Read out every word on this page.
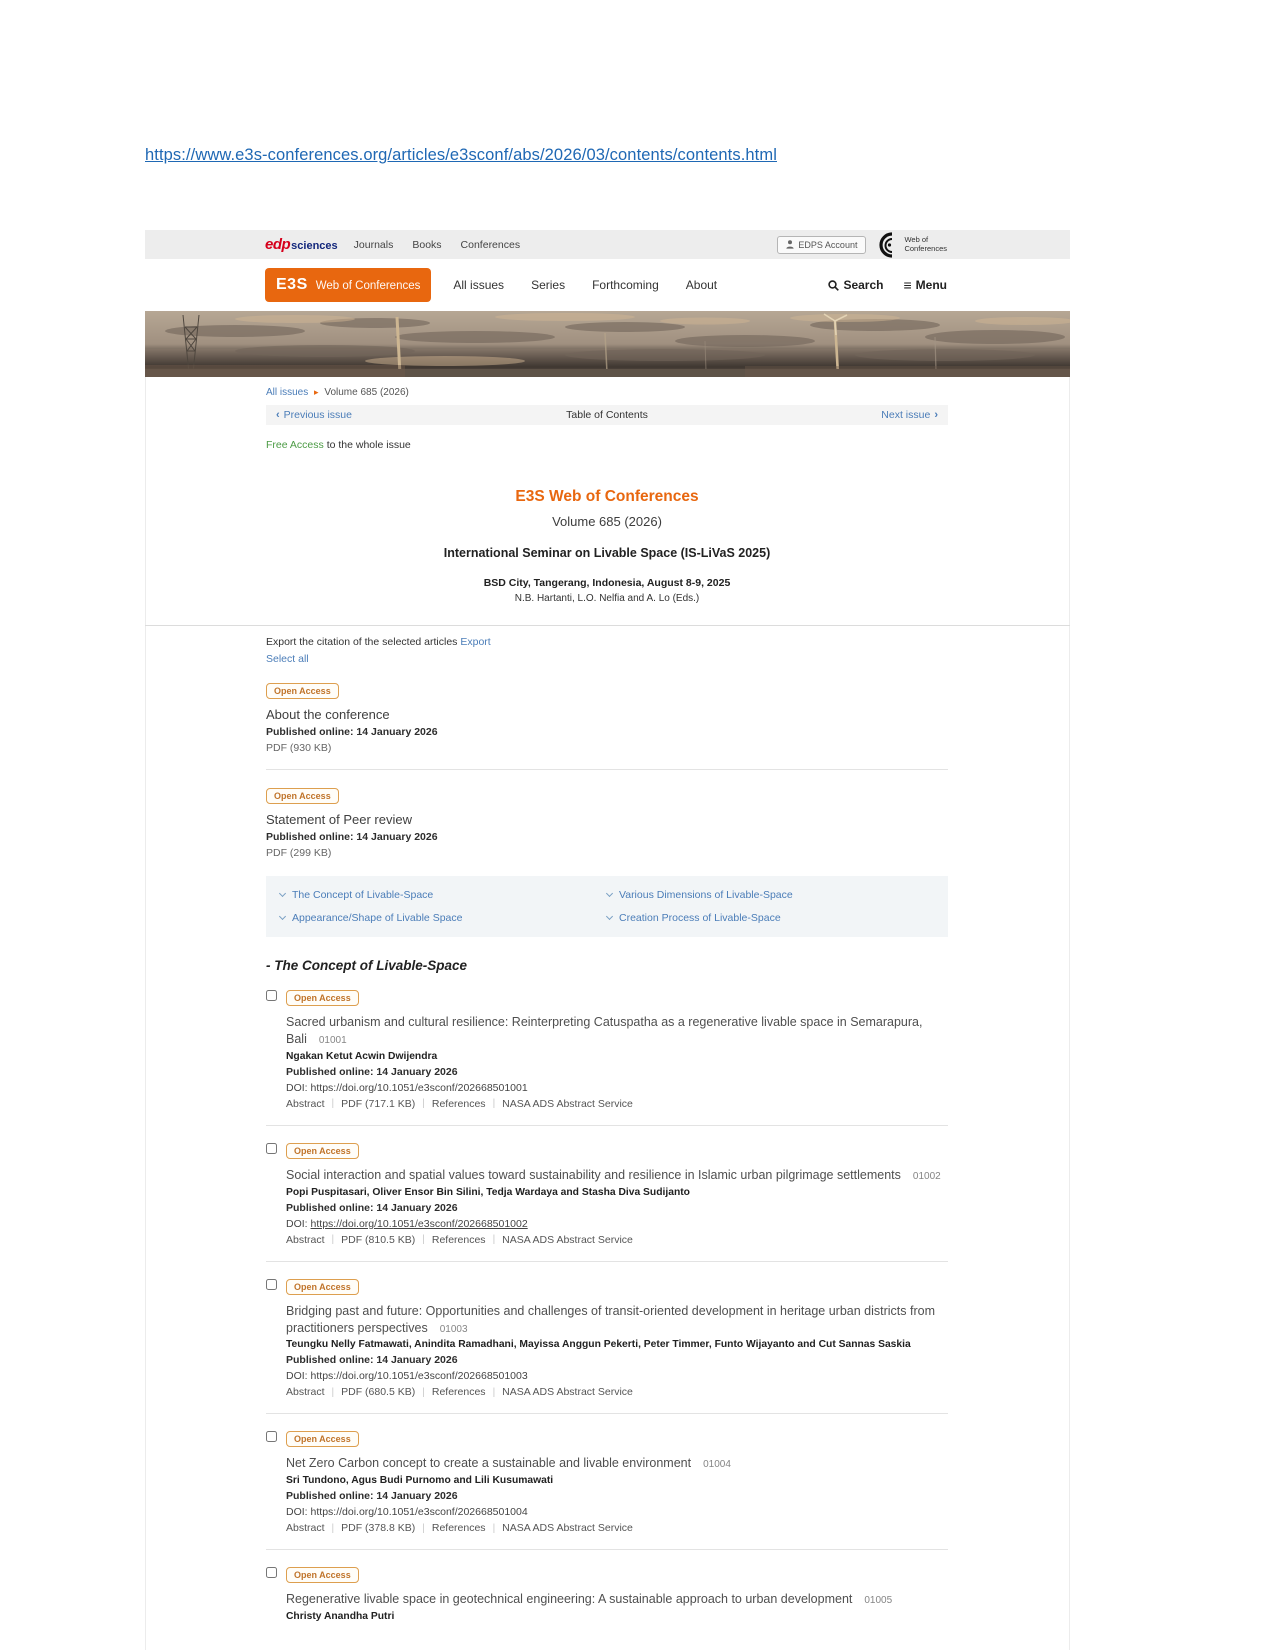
https://www.e3s-conferences.org/articles/e3sconf/abs/2026/03/contents/contents.html
edp sciences Journals Books Conferences	EDPS Account
Web of
Conferences
E3S Web of Conferences	All issues Series Forthcoming About	Search ≡ Menu
All issues ▸ Volume 685 (2026)
‹ Previous issue	Table of Contents	Next issue ›
Free Access to the whole issue
E3S Web of Conferences
Volume 685 (2026)
International Seminar on Livable Space (IS-LiVaS 2025)
BSD City, Tangerang, Indonesia, August 8-9, 2025
N.B. Hartanti, L.O. Nelfia and A. Lo (Eds.)
Export the citation of the selected articles Export
Select all
Open Access
About the conference
Published online: 14 January 2026
PDF (930 KB)
Open Access
Statement of Peer review
Published online: 14 January 2026
PDF (299 KB)
The Concept of Livable-Space	Various Dimensions of Livable-Space
Appearance/Shape of Livable Space	Creation Process of Livable-Space
- The Concept of Livable-Space
Open Access
Sacred urbanism and cultural resilience: Reinterpreting Catuspatha as a regenerative livable space in Semarapura, Bali 01001
Ngakan Ketut Acwin Dwijendra
Published online: 14 January 2026
DOI: https://doi.org/10.1051/e3sconf/202668501001
Abstract | PDF (717.1 KB) | References | NASA ADS Abstract Service
Open Access
Social interaction and spatial values toward sustainability and resilience in Islamic urban pilgrimage settlements 01002
Popi Puspitasari, Oliver Ensor Bin Silini, Tedja Wardaya and Stasha Diva Sudijanto
Published online: 14 January 2026
DOI: https://doi.org/10.1051/e3sconf/202668501002
Abstract | PDF (810.5 KB) | References | NASA ADS Abstract Service
Open Access
Bridging past and future: Opportunities and challenges of transit-oriented development in heritage urban districts from practitioners perspectives 01003
Teungku Nelly Fatmawati, Anindita Ramadhani, Mayissa Anggun Pekerti, Peter Timmer, Funto Wijayanto and Cut Sannas Saskia
Published online: 14 January 2026
DOI: https://doi.org/10.1051/e3sconf/202668501003
Abstract | PDF (680.5 KB) | References | NASA ADS Abstract Service
Open Access
Net Zero Carbon concept to create a sustainable and livable environment 01004
Sri Tundono, Agus Budi Purnomo and Lili Kusumawati
Published online: 14 January 2026
DOI: https://doi.org/10.1051/e3sconf/202668501004
Abstract | PDF (378.8 KB) | References | NASA ADS Abstract Service
Open Access
Regenerative livable space in geotechnical engineering: A sustainable approach to urban development 01005
Christy Anandha Putri
